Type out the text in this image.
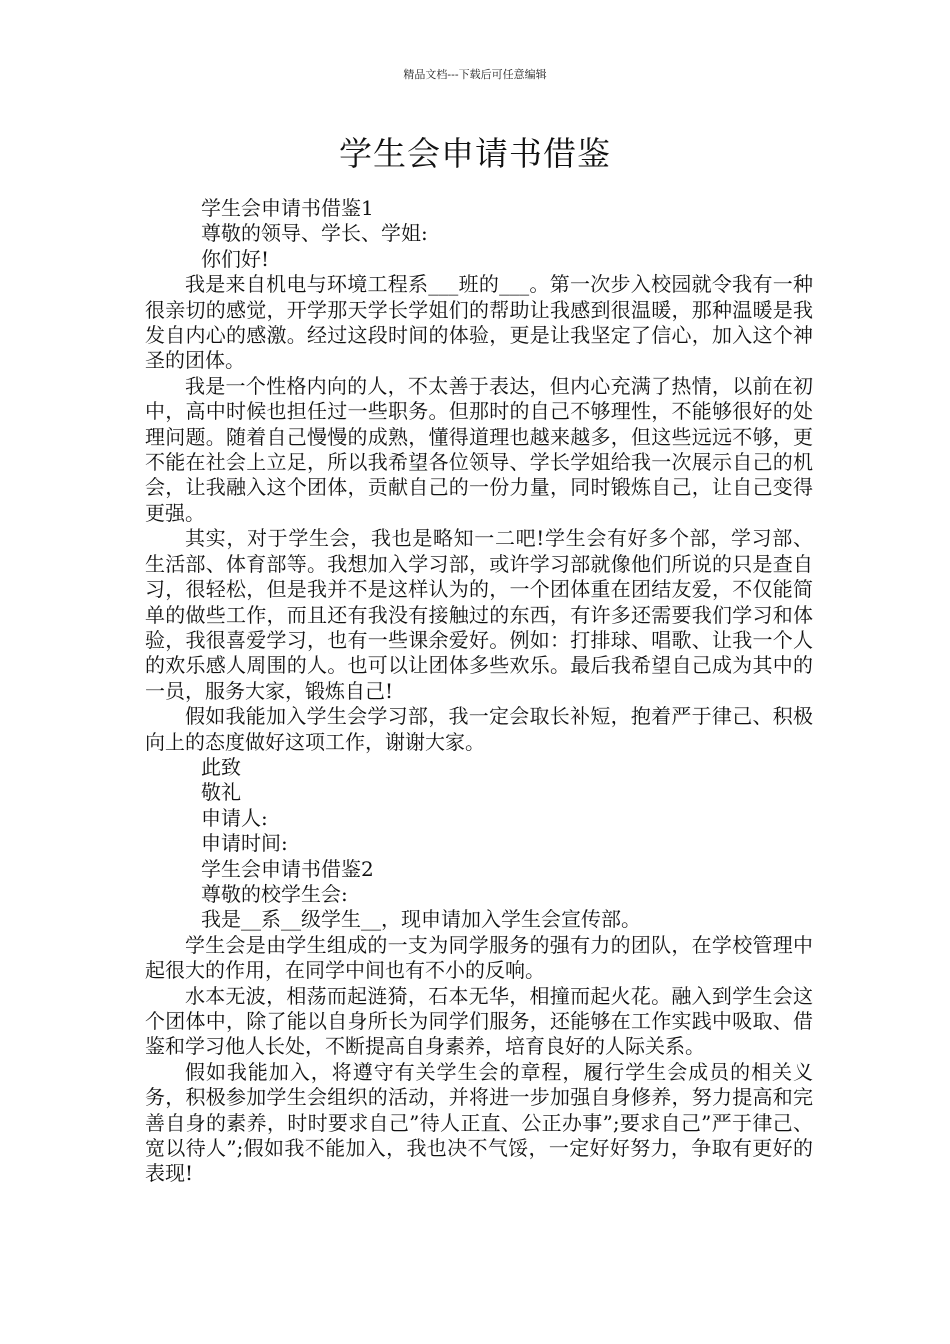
精品文档---下载后可任意编辑
学生会申请书借鉴
学生会申请书借鉴1
尊敬的领导、学长、学姐:
你们好!
我是来自机电与环境工程系___班的___。第一次步入校园就令我有一种很亲切的感觉，开学那天学长学姐们的帮助让我感到很温暖，那种温暖是我发自内心的感激。经过这段时间的体验，更是让我坚定了信心，加入这个神圣的团体。
我是一个性格内向的人，不太善于表达，但内心充满了热情，以前在初中，高中时候也担任过一些职务。但那时的自己不够理性，不能够很好的处理问题。随着自己慢慢的成熟，懂得道理也越来越多，但这些远远不够，更不能在社会上立足，所以我希望各位领导、学长学姐给我一次展示自己的机会，让我融入这个团体，贡献自己的一份力量，同时锻炼自己，让自己变得更强。
其实，对于学生会，我也是略知一二吧!学生会有好多个部，学习部、生活部、体育部等。我想加入学习部，或许学习部就像他们所说的只是查自习，很轻松，但是我并不是这样认为的，一个团体重在团结友爱，不仅能简单的做些工作，而且还有我没有接触过的东西，有许多还需要我们学习和体验，我很喜爱学习，也有一些课余爱好。例如：打排球、唱歌、让我一个人的欢乐感人周围的人。也可以让团体多些欢乐。最后我希望自己成为其中的一员，服务大家，锻炼自己!
假如我能加入学生会学习部，我一定会取长补短，抱着严于律己、积极向上的态度做好这项工作，谢谢大家。
此致
敬礼
申请人:
申请时间:
学生会申请书借鉴2
尊敬的校学生会:
我是__系__级学生__，现申请加入学生会宣传部。
学生会是由学生组成的一支为同学服务的强有力的团队，在学校管理中起很大的作用，在同学中间也有不小的反响。
水本无波，相荡而起涟猗，石本无华，相撞而起火花。融入到学生会这个团体中，除了能以自身所长为同学们服务，还能够在工作实践中吸取、借鉴和学习他人长处，不断提高自身素养，培育良好的人际关系。
假如我能加入，将遵守有关学生会的章程，履行学生会成员的相关义务，积极参加学生会组织的活动，并将进一步加强自身修养，努力提高和完善自身的素养，时时要求自己”待人正直、公正办事”;要求自己”严于律己、宽以待人”;假如我不能加入，我也决不气馁，一定好好努力，争取有更好的表现!
